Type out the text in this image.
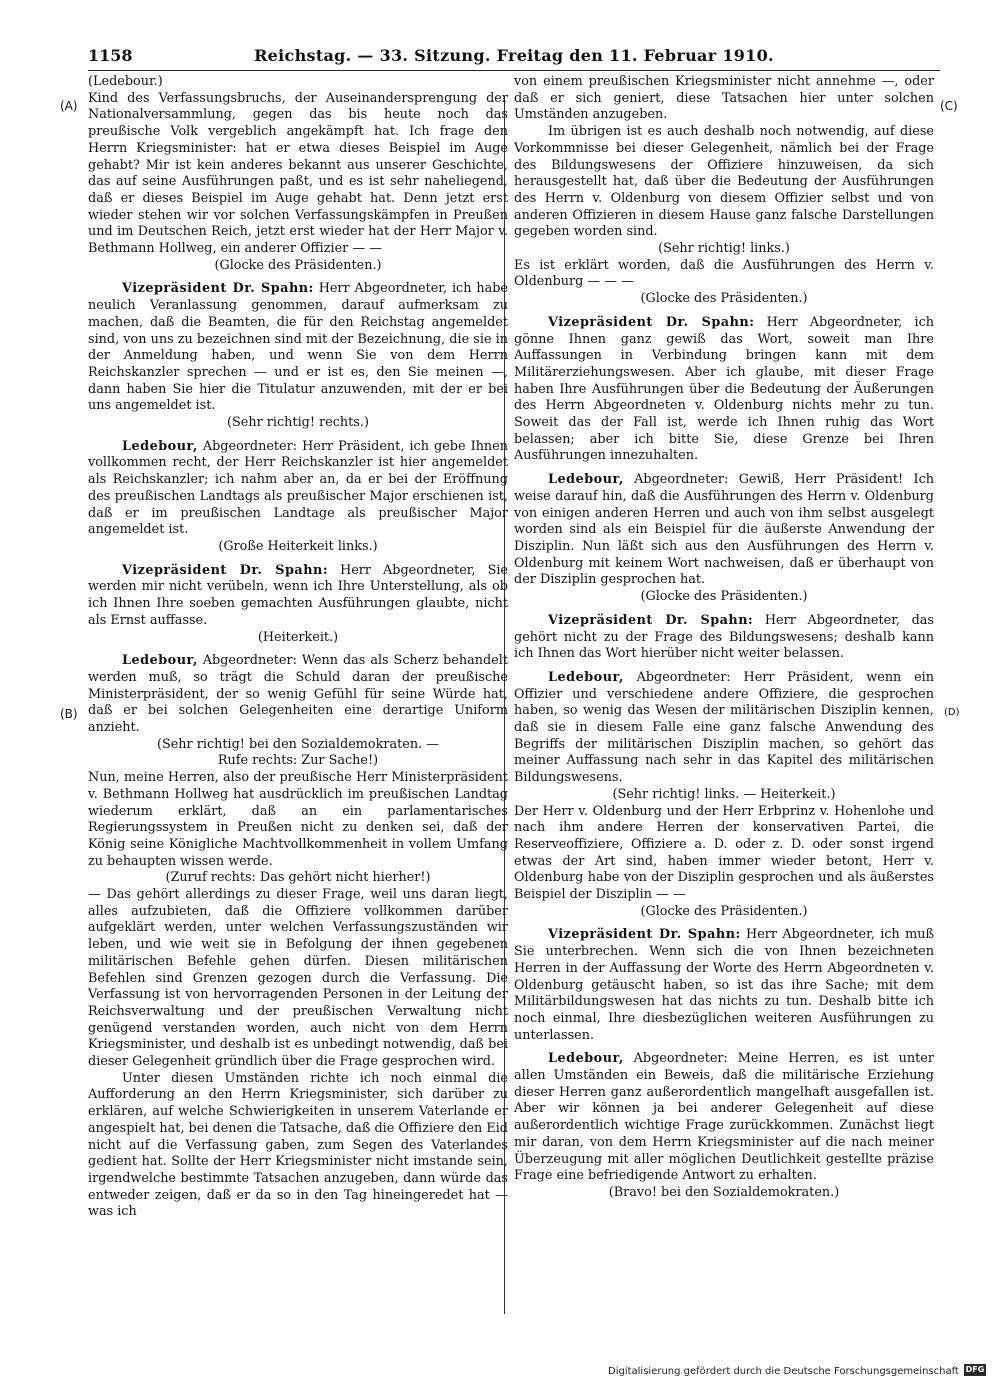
1158	Reichstag. — 33. Sitzung. Freitag den 11. Februar 1910.
(A)
(B)
(C)
(D)

(Ledebour.)

Kind des Verfassungsbruchs, der Auseinandersprengung der Nationalversammlung, gegen das bis heute noch das preußische Volk vergeblich angekämpft hat. Ich frage den Herrn Kriegsminister: hat er etwa dieses Beispiel im Auge gehabt? Mir ist kein anderes bekannt aus unserer Geschichte, das auf seine Ausführungen paßt, und es ist sehr naheliegend, daß er dieses Beispiel im Auge gehabt hat. Denn jetzt erst wieder stehen wir vor solchen Verfassungskämpfen in Preußen und im Deutschen Reich, jetzt erst wieder hat der Herr Major v. Bethmann Hollweg, ein anderer Offizier — —

(Glocke des Präsidenten.)

Vizepräsident Dr. Spahn: Herr Abgeordneter, ich habe neulich Veranlassung genommen, darauf aufmerksam zu machen, daß die Beamten, die für den Reichstag angemeldet sind, von uns zu bezeichnen sind mit der Bezeichnung, die sie in der Anmeldung haben, und wenn Sie von dem Herrn Reichskanzler sprechen — und er ist es, den Sie meinen —, dann haben Sie hier die Titulatur anzuwenden, mit der er bei uns angemeldet ist.

(Sehr richtig! rechts.)

Ledebour, Abgeordneter: Herr Präsident, ich gebe Ihnen vollkommen recht, der Herr Reichskanzler ist hier angemeldet als Reichskanzler; ich nahm aber an, da er bei der Eröffnung des preußischen Landtags als preußischer Major erschienen ist, daß er im preußischen Landtage als preußischer Major angemeldet ist.

(Große Heiterkeit links.)

Vizepräsident Dr. Spahn: Herr Abgeordneter, Sie werden mir nicht verübeln, wenn ich Ihre Unterstellung, als ob ich Ihnen Ihre soeben gemachten Ausführungen glaubte, nicht als Ernst auffasse.

(Heiterkeit.)

Ledebour, Abgeordneter: Wenn das als Scherz behandelt werden muß, so trägt die Schuld daran der preußische Ministerpräsident, der so wenig Gefühl für seine Würde hat, daß er bei solchen Gelegenheiten eine derartige Uniform anzieht.

(Sehr richtig! bei den Sozialdemokraten. —

Rufe rechts: Zur Sache!)

Nun, meine Herren, also der preußische Herr Ministerpräsident v. Bethmann Hollweg hat ausdrücklich im preußischen Landtag wiederum erklärt, daß an ein parlamentarisches Regierungssystem in Preußen nicht zu denken sei, daß der König seine Königliche Machtvollkommenheit in vollem Umfang zu behaupten wissen werde.

(Zuruf rechts: Das gehört nicht hierher!)

— Das gehört allerdings zu dieser Frage, weil uns daran liegt, alles aufzubieten, daß die Offiziere vollkommen darüber aufgeklärt werden, unter welchen Verfassungszuständen wir leben, und wie weit sie in Befolgung der ihnen gegebenen militärischen Befehle gehen dürfen. Diesen militärischen Befehlen sind Grenzen gezogen durch die Verfassung. Die Verfassung ist von hervorragenden Personen in der Leitung der Reichsverwaltung und der preußischen Verwaltung nicht genügend verstanden worden, auch nicht von dem Herrn Kriegsminister, und deshalb ist es unbedingt notwendig, daß bei dieser Gelegenheit gründlich über die Frage gesprochen wird.

Unter diesen Umständen richte ich noch einmal die Aufforderung an den Herrn Kriegsminister, sich darüber zu erklären, auf welche Schwierigkeiten in unserem Vaterlande er angespielt hat, bei denen die Tatsache, daß die Offiziere den Eid nicht auf die Verfassung gaben, zum Segen des Vaterlandes gedient hat. Sollte der Herr Kriegsminister nicht imstande sein, irgendwelche bestimmte Tatsachen anzugeben, dann würde das entweder zeigen, daß er da so in den Tag hineingeredet hat — was ich

von einem preußischen Kriegsminister nicht annehme —, oder daß er sich geniert, diese Tatsachen hier unter solchen Umständen anzugeben.

Im übrigen ist es auch deshalb noch notwendig, auf diese Vorkommnisse bei dieser Gelegenheit, nämlich bei der Frage des Bildungswesens der Offiziere hinzuweisen, da sich herausgestellt hat, daß über die Bedeutung der Ausführungen des Herrn v. Oldenburg von diesem Offizier selbst und von anderen Offizieren in diesem Hause ganz falsche Darstellungen gegeben worden sind.

(Sehr richtig! links.)

Es ist erklärt worden, daß die Ausführungen des Herrn v. Oldenburg — — —

(Glocke des Präsidenten.)

Vizepräsident Dr. Spahn: Herr Abgeordneter, ich gönne Ihnen ganz gewiß das Wort, soweit man Ihre Auffassungen in Verbindung bringen kann mit dem Militärerziehungswesen. Aber ich glaube, mit dieser Frage haben Ihre Ausführungen über die Bedeutung der Äußerungen des Herrn Abgeordneten v. Oldenburg nichts mehr zu tun. Soweit das der Fall ist, werde ich Ihnen ruhig das Wort belassen; aber ich bitte Sie, diese Grenze bei Ihren Ausführungen innezuhalten.

Ledebour, Abgeordneter: Gewiß, Herr Präsident! Ich weise darauf hin, daß die Ausführungen des Herrn v. Oldenburg von einigen anderen Herren und auch von ihm selbst ausgelegt worden sind als ein Beispiel für die äußerste Anwendung der Disziplin. Nun läßt sich aus den Ausführungen des Herrn v. Oldenburg mit keinem Wort nachweisen, daß er überhaupt von der Disziplin gesprochen hat.

(Glocke des Präsidenten.)

Vizepräsident Dr. Spahn: Herr Abgeordneter, das gehört nicht zu der Frage des Bildungswesens; deshalb kann ich Ihnen das Wort hierüber nicht weiter belassen.

Ledebour, Abgeordneter: Herr Präsident, wenn ein Offizier und verschiedene andere Offiziere, die gesprochen haben, so wenig das Wesen der militärischen Disziplin kennen, daß sie in diesem Falle eine ganz falsche Anwendung des Begriffs der militärischen Disziplin machen, so gehört das meiner Auffassung nach sehr in das Kapitel des militärischen Bildungswesens.

(Sehr richtig! links. — Heiterkeit.)

Der Herr v. Oldenburg und der Herr Erbprinz v. Hohenlohe und nach ihm andere Herren der konservativen Partei, die Reserveoffiziere, Offiziere a. D. oder z. D. oder sonst irgend etwas der Art sind, haben immer wieder betont, Herr v. Oldenburg habe von der Disziplin gesprochen und als äußerstes Beispiel der Disziplin — —

(Glocke des Präsidenten.)

Vizepräsident Dr. Spahn: Herr Abgeordneter, ich muß Sie unterbrechen. Wenn sich die von Ihnen bezeichneten Herren in der Auffassung der Worte des Herrn Abgeordneten v. Oldenburg getäuscht haben, so ist das ihre Sache; mit dem Militärbildungswesen hat das nichts zu tun. Deshalb bitte ich noch einmal, Ihre diesbezüglichen weiteren Ausführungen zu unterlassen.

Ledebour, Abgeordneter: Meine Herren, es ist unter allen Umständen ein Beweis, daß die militärische Erziehung dieser Herren ganz außerordentlich mangelhaft ausgefallen ist. Aber wir können ja bei anderer Gelegenheit auf diese außerordentlich wichtige Frage zurückkommen. Zunächst liegt mir daran, von dem Herrn Kriegsminister auf die nach meiner Überzeugung mit aller möglichen Deutlichkeit gestellte präzise Frage eine befriedigende Antwort zu erhalten.

(Bravo! bei den Sozialdemokraten.)

Digitalisierung gefördert durch die Deutsche Forschungsgemeinschaft DFG
